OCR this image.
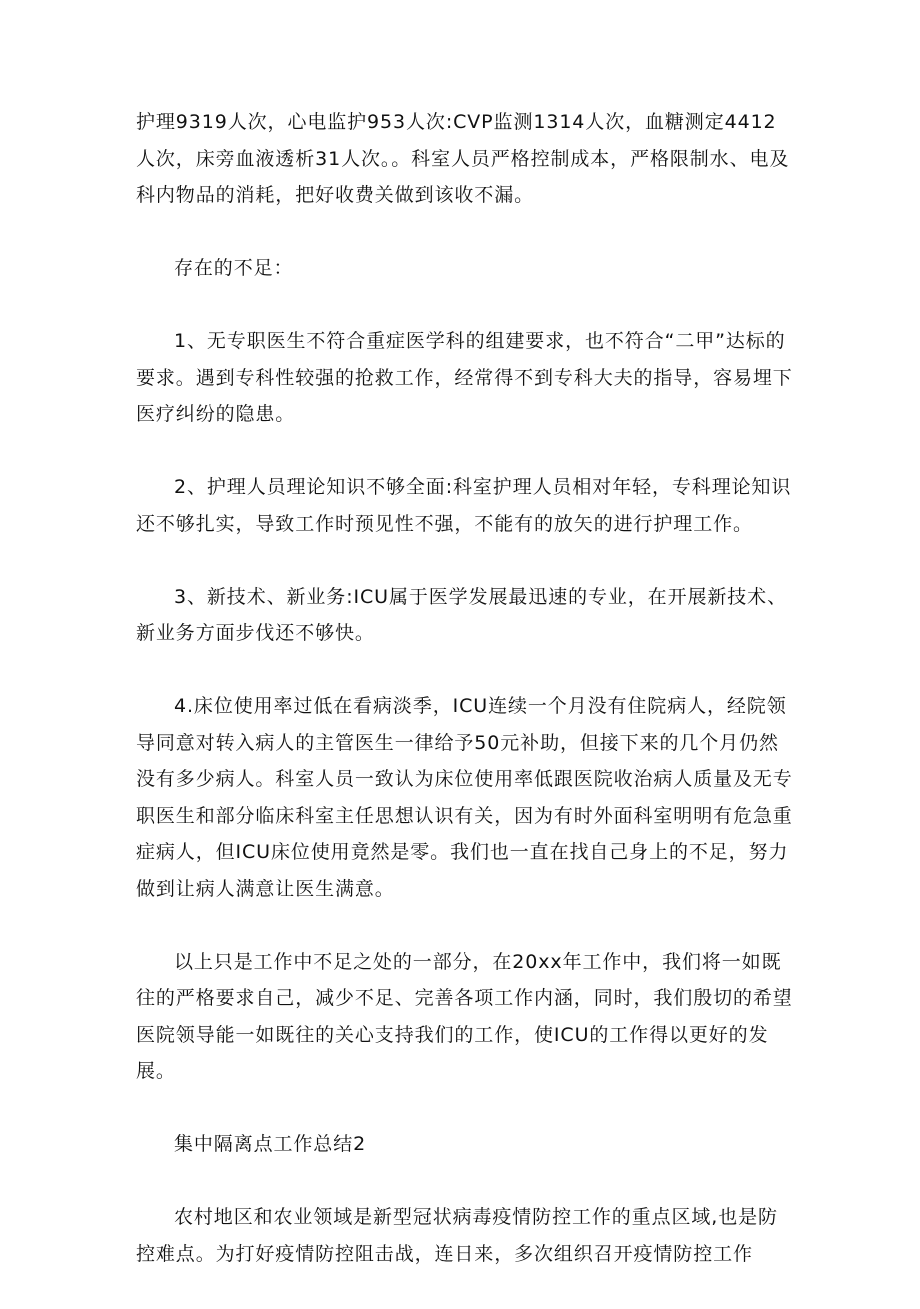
护理9319人次，心电监护953人次:CVP监测1314人次，血糖测定4412人次，床旁血液透析31人次。。科室人员严格控制成本，严格限制水、电及科内物品的消耗，把好收费关做到该收不漏。

存在的不足：

1、无专职医生不符合重症医学科的组建要求，也不符合“二甲”达标的要求。遇到专科性较强的抢救工作，经常得不到专科大夫的指导，容易埋下医疗纠纷的隐患。

2、护理人员理论知识不够全面:科室护理人员相对年轻，专科理论知识还不够扎实，导致工作时预见性不强，不能有的放矢的进行护理工作。

3、新技术、新业务:ICU属于医学发展最迅速的专业，在开展新技术、新业务方面步伐还不够快。

4.床位使用率过低在看病淡季，ICU连续一个月没有住院病人，经院领导同意对转入病人的主管医生一律给予50元补助，但接下来的几个月仍然没有多少病人。科室人员一致认为床位使用率低跟医院收治病人质量及无专职医生和部分临床科室主任思想认识有关，因为有时外面科室明明有危急重症病人，但ICU床位使用竟然是零。我们也一直在找自己身上的不足，努力做到让病人满意让医生满意。

以上只是工作中不足之处的一部分，在20xx年工作中，我们将一如既往的严格要求自己，减少不足、完善各项工作内涵，同时，我们殷切的希望医院领导能一如既往的关心支持我们的工作，使ICU的工作得以更好的发展。

集中隔离点工作总结2

农村地区和农业领域是新型冠状病毒疫情防控工作的重点区域,也是防控难点。为打好疫情防控阻击战，连日来，多次组织召开疫情防控工作
